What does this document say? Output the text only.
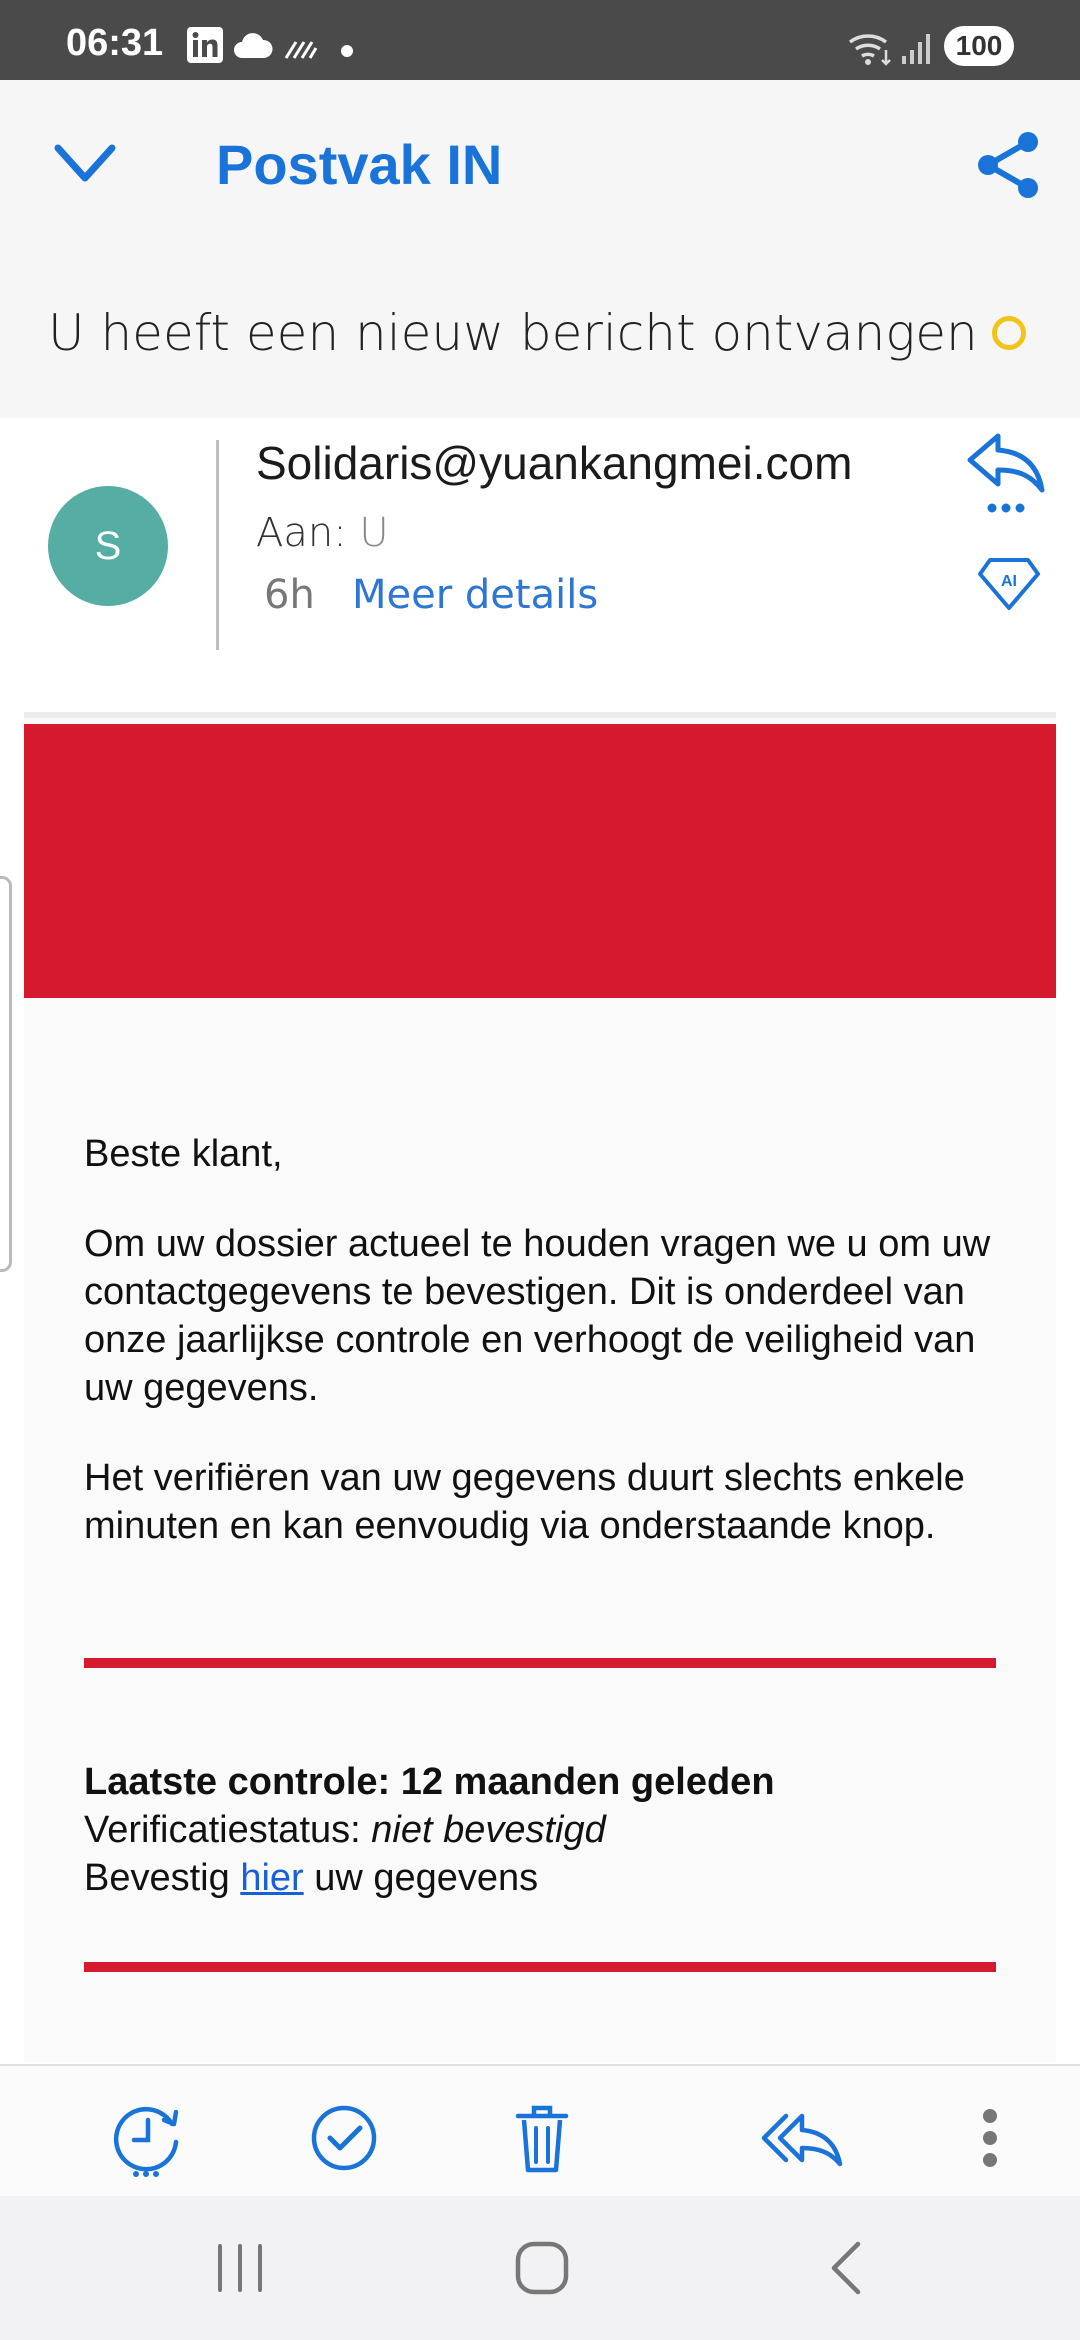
06:31	100
Postvak IN
U heeft een nieuw bericht ontvangen
S
Solidaris@yuankangmei.com
Aan: U
6h Meer details	AI
Beste klant,
Om uw dossier actueel te houden vragen we u om uw contactgegevens te bevestigen. Dit is onderdeel van onze jaarlijkse controle en verhoogt de veiligheid van uw gegevens.
Het verifiëren van uw gegevens duurt slechts enkele minuten en kan eenvoudig via onderstaande knop.
Laatste controle: 12 maanden geleden
Verificatiestatus: niet bevestigd
Bevestig hier uw gegevens
